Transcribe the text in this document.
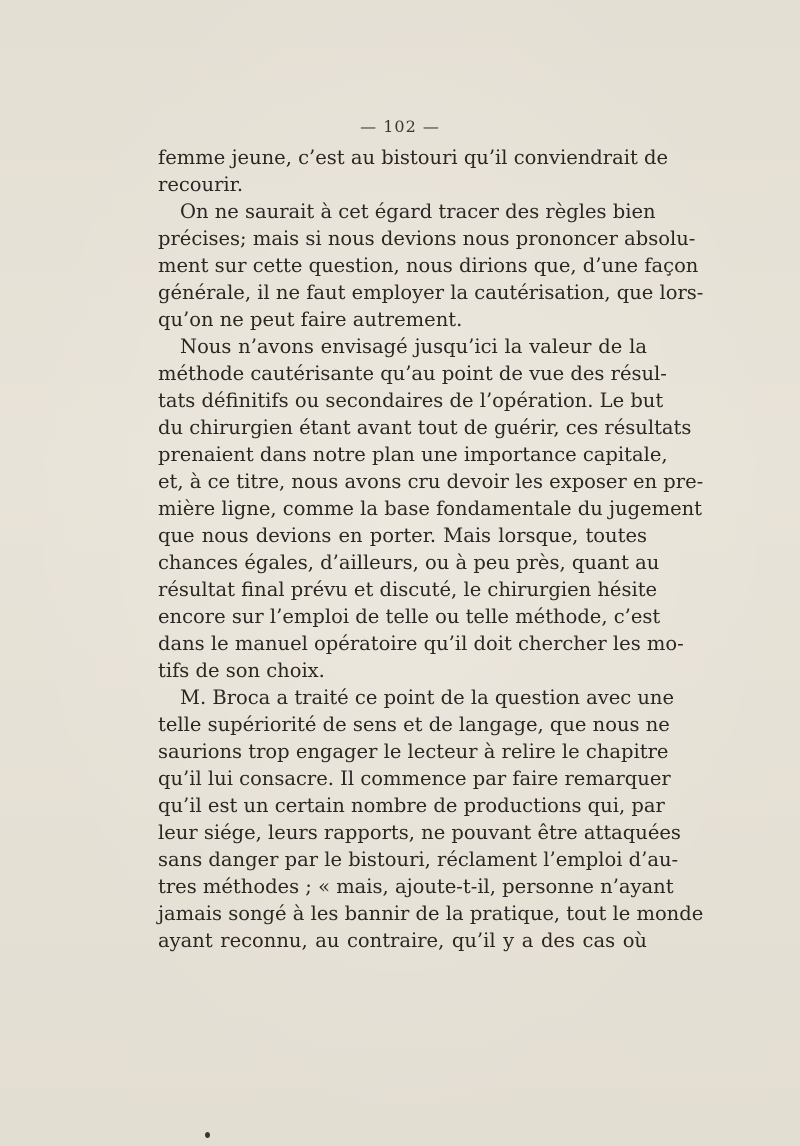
— 102 —
femme jeune, c’est au bistouri qu’il conviendrait de
recourir.
On ne saurait à cet égard tracer des règles bien
précises; mais si nous devions nous prononcer absolu-
ment sur cette question, nous dirions que, d’une façon
générale, il ne faut employer la cautérisation, que lors-
qu’on ne peut faire autrement.
Nous n’avons envisagé jusqu’ici la valeur de la
méthode cautérisante qu’au point de vue des résul-
tats définitifs ou secondaires de l’opération. Le but
du chirurgien étant avant tout de guérir, ces résultats
prenaient dans notre plan une importance capitale,
et, à ce titre, nous avons cru devoir les exposer en pre-
mière ligne, comme la base fondamentale du jugement
que nous devions en porter. Mais lorsque, toutes
chances égales, d’ailleurs, ou à peu près, quant au
résultat final prévu et discuté, le chirurgien hésite
encore sur l’emploi de telle ou telle méthode, c’est
dans le manuel opératoire qu’il doit chercher les mo-
tifs de son choix.
M. Broca a traité ce point de la question avec une
telle supériorité de sens et de langage, que nous ne
saurions trop engager le lecteur à relire le chapitre
qu’il lui consacre. Il commence par faire remarquer
qu’il est un certain nombre de productions qui, par
leur siége, leurs rapports, ne pouvant être attaquées
sans danger par le bistouri, réclament l’emploi d’au-
tres méthodes ; « mais, ajoute-t-il, personne n’ayant
jamais songé à les bannir de la pratique, tout le monde
ayant reconnu, au contraire, qu’il y a des cas où
